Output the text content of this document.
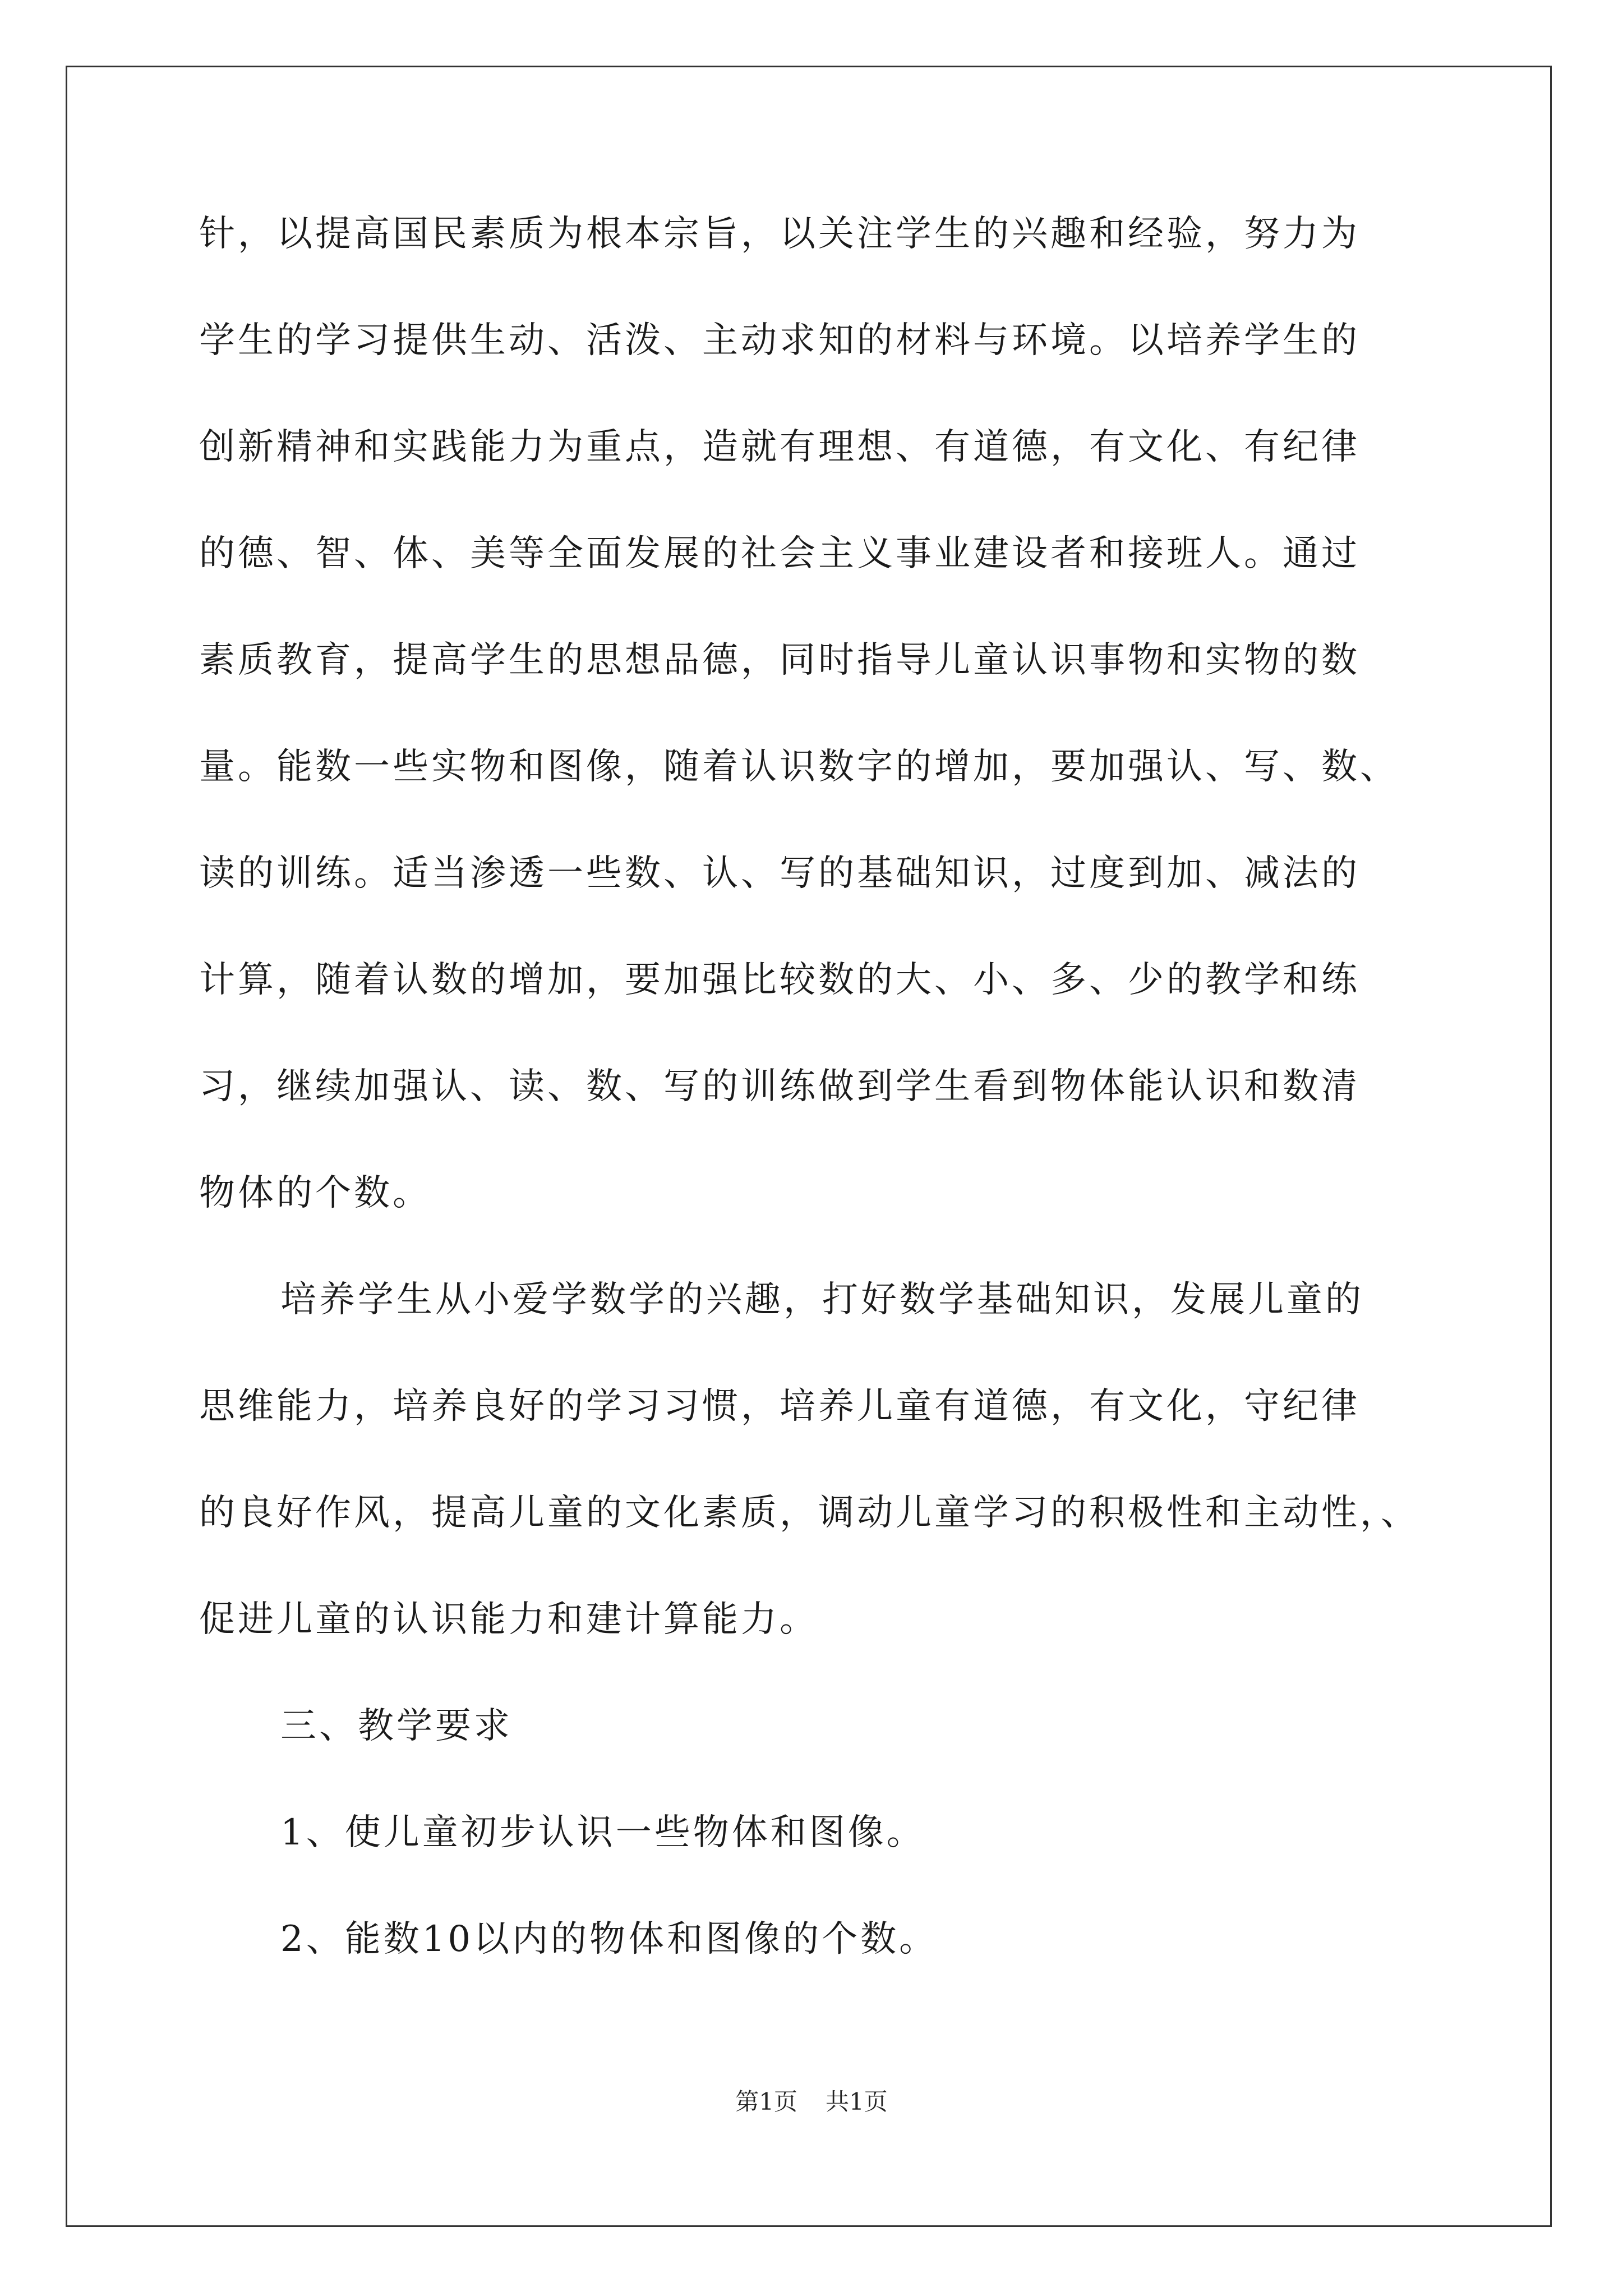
针，以提高国民素质为根本宗旨，以关注学生的兴趣和经验，努力为
学生的学习提供生动、活泼、主动求知的材料与环境。以培养学生的
创新精神和实践能力为重点，造就有理想、有道德，有文化、有纪律
的德、智、体、美等全面发展的社会主义事业建设者和接班人。通过
素质教育，提高学生的思想品德，同时指导儿童认识事物和实物的数
量。能数一些实物和图像，随着认识数字的增加，要加强认、写、数、
读的训练。适当渗透一些数、认、写的基础知识，过度到加、减法的
计算，随着认数的增加，要加强比较数的大、小、多、少的教学和练
习，继续加强认、读、数、写的训练做到学生看到物体能认识和数清
物体的个数。
培养学生从小爱学数学的兴趣，打好数学基础知识，发展儿童的
思维能力，培养良好的学习习惯，培养儿童有道德，有文化，守纪律
的良好作风，提高儿童的文化素质，调动儿童学习的积极性和主动性，、
促进儿童的认识能力和建计算能力。
三、教学要求
1、使儿童初步认识一些物体和图像。
2、能数10以内的物体和图像的个数。
第1页 共1页
